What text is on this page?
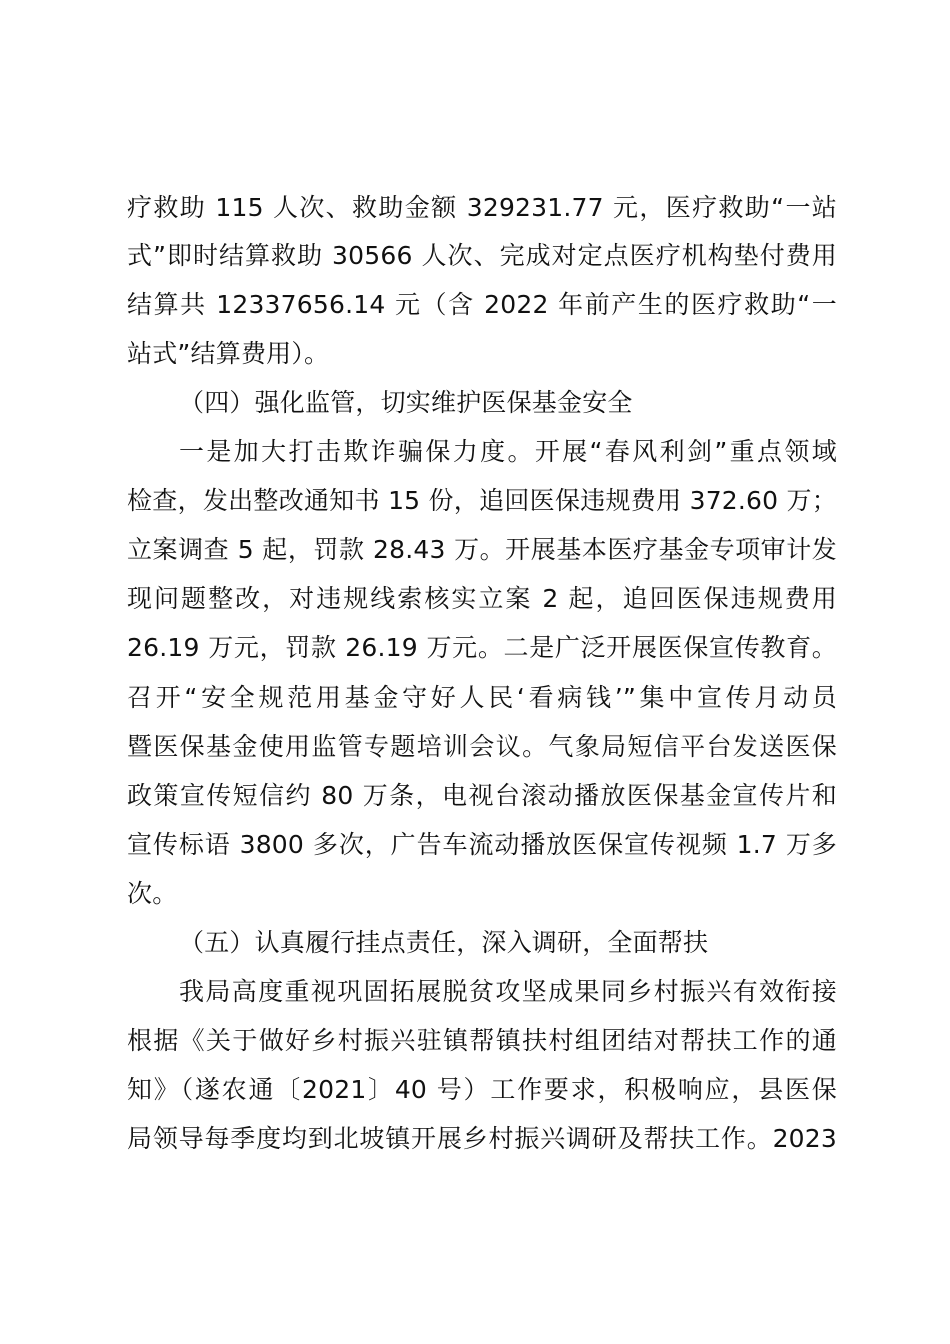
疗救助 115 人次、救助金额 329231.77 元，医疗救助“一站
式”即时结算救助 30566 人次、完成对定点医疗机构垫付费用
结算共 12337656.14 元（含 2022 年前产生的医疗救助“一
站式”结算费用）。
（四）强化监管，切实维护医保基金安全
一是加大打击欺诈骗保力度。开展“春风利剑”重点领域
检查，发出整改通知书 15 份，追回医保违规费用 372.60 万；
立案调查 5 起，罚款 28.43 万。开展基本医疗基金专项审计发
现问题整改，对违规线索核实立案 2 起，追回医保违规费用
26.19 万元，罚款 26.19 万元。二是广泛开展医保宣传教育。
召开“安全规范用基金守好人民‘看病钱’”集中宣传月动员
暨医保基金使用监管专题培训会议。气象局短信平台发送医保
政策宣传短信约 80 万条，电视台滚动播放医保基金宣传片和
宣传标语 3800 多次，广告车流动播放医保宣传视频 1.7 万多
次。
（五）认真履行挂点责任，深入调研，全面帮扶
我局高度重视巩固拓展脱贫攻坚成果同乡村振兴有效衔接
根据《关于做好乡村振兴驻镇帮镇扶村组团结对帮扶工作的通
知》（遂农通〔2021〕40 号）工作要求，积极响应，县医保
局领导每季度均到北坡镇开展乡村振兴调研及帮扶工作。2023
